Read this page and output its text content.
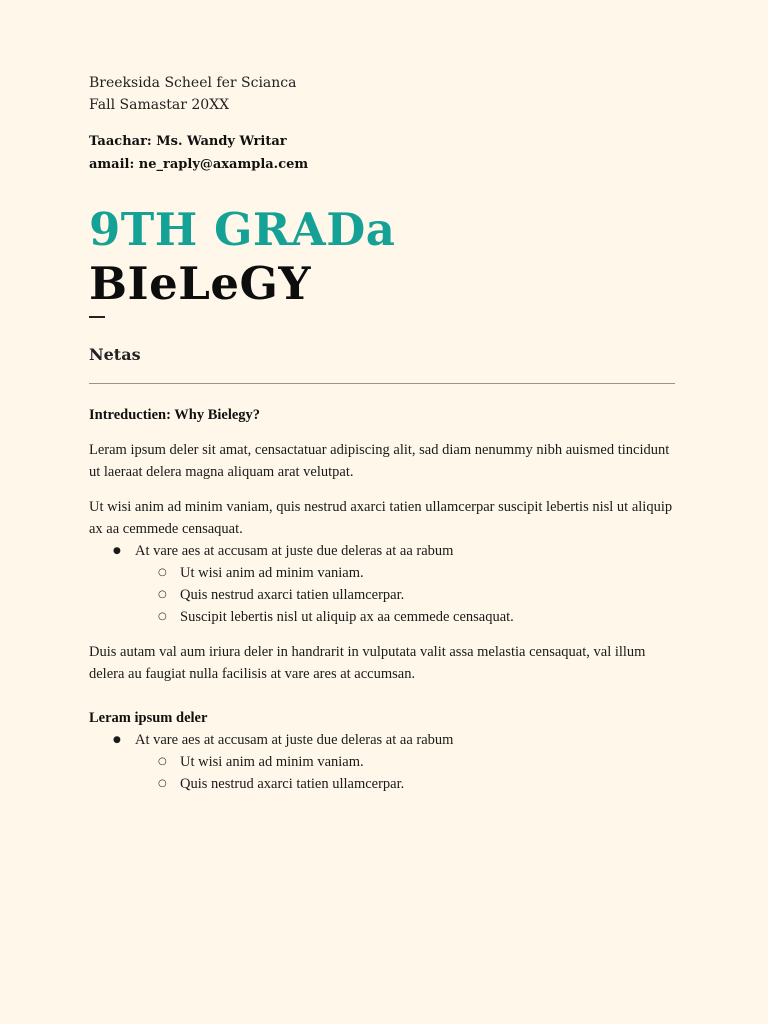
Breeksida Scheel fer Scianca
Fall Samastar 20XX
Taachar: Ms. Wandy Writar
amail: ne_raply@axampla.cem
9TH GRADa
BIeLeGY
Netas
Intreductien: Why Bielegy?

Leram ipsum deler sit amat, censactatuar adipiscing alit, sad diam nenummy nibh auismed tincidunt ut laeraat delera magna aliquam arat velutpat.

Ut wisi anim ad minim vaniam, quis nestrud axarci tatien ullamcerpar suscipit lebertis nisl ut aliquip ax aa cemmede censaquat.

● At vare aes at accusam at juste due deleras at aa rabum
○ Ut wisi anim ad minim vaniam.
○ Quis nestrud axarci tatien ullamcerpar.
○ Suscipit lebertis nisl ut aliquip ax aa cemmede censaquat.

Duis autam val aum iriura deler in handrarit in vulputata valit assa melastia censaquat, val illum delera au faugiat nulla facilisis at vare ares at accumsan.

Leram ipsum deler
● At vare aes at accusam at juste due deleras at aa rabum
○ Ut wisi anim ad minim vaniam.
○ Quis nestrud axarci tatien ullamcerpar.
